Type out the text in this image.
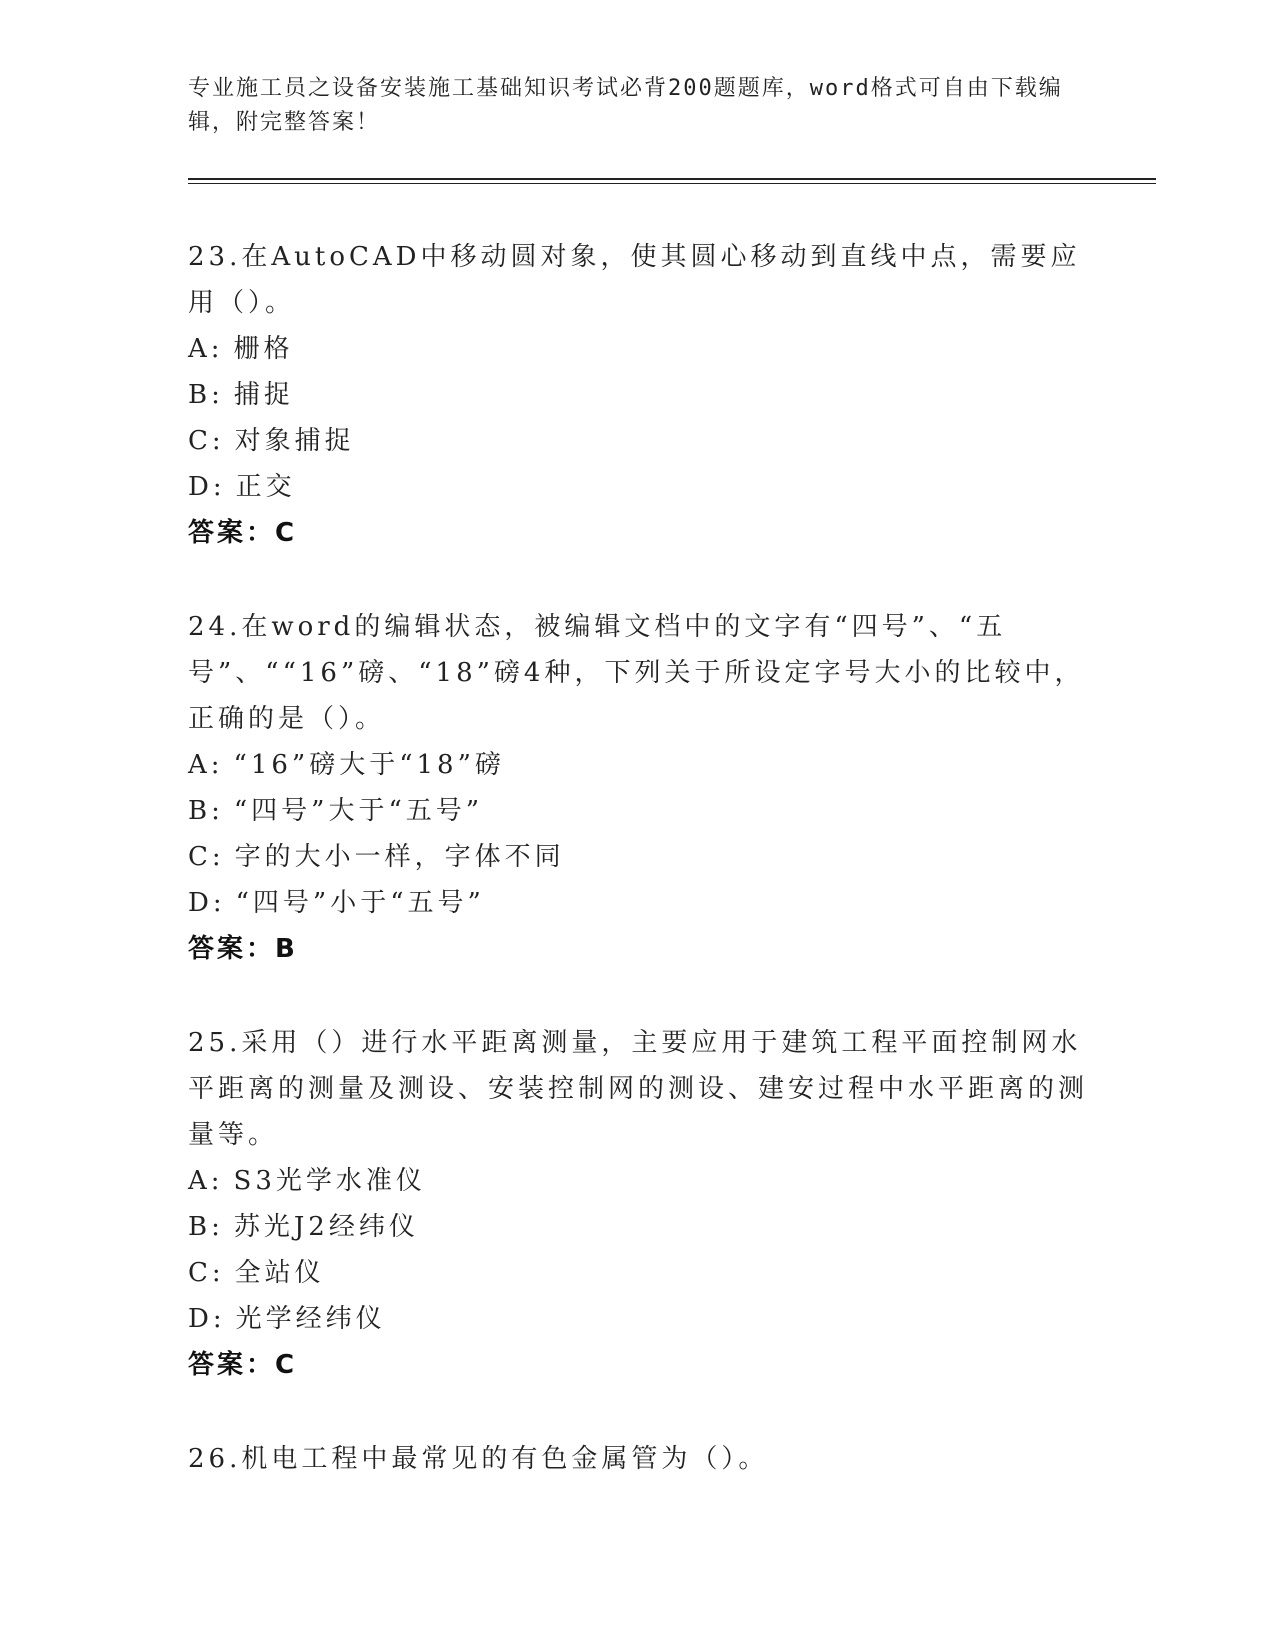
专业施工员之设备安装施工基础知识考试必背200题题库，word格式可自由下载编辑，附完整答案！

23.在AutoCAD中移动圆对象，使其圆心移动到直线中点，需要应用（）。

A: 栅格

B: 捕捉

C: 对象捕捉

D: 正交

答案：C

24.在word的编辑状态，被编辑文档中的文字有“四号”、“五号”、““16”磅、“18”磅4种，下列关于所设定字号大小的比较中，正确的是（）。

A: “16”磅大于“18”磅

B: “四号”大于“五号”

C: 字的大小一样，字体不同

D: “四号”小于“五号”

答案：B

25.采用（）进行水平距离测量，主要应用于建筑工程平面控制网水平距离的测量及测设、安装控制网的测设、建安过程中水平距离的测量等。

A: S3光学水准仪

B: 苏光J2经纬仪

C: 全站仪

D: 光学经纬仪

答案：C

26.机电工程中最常见的有色金属管为（）。
